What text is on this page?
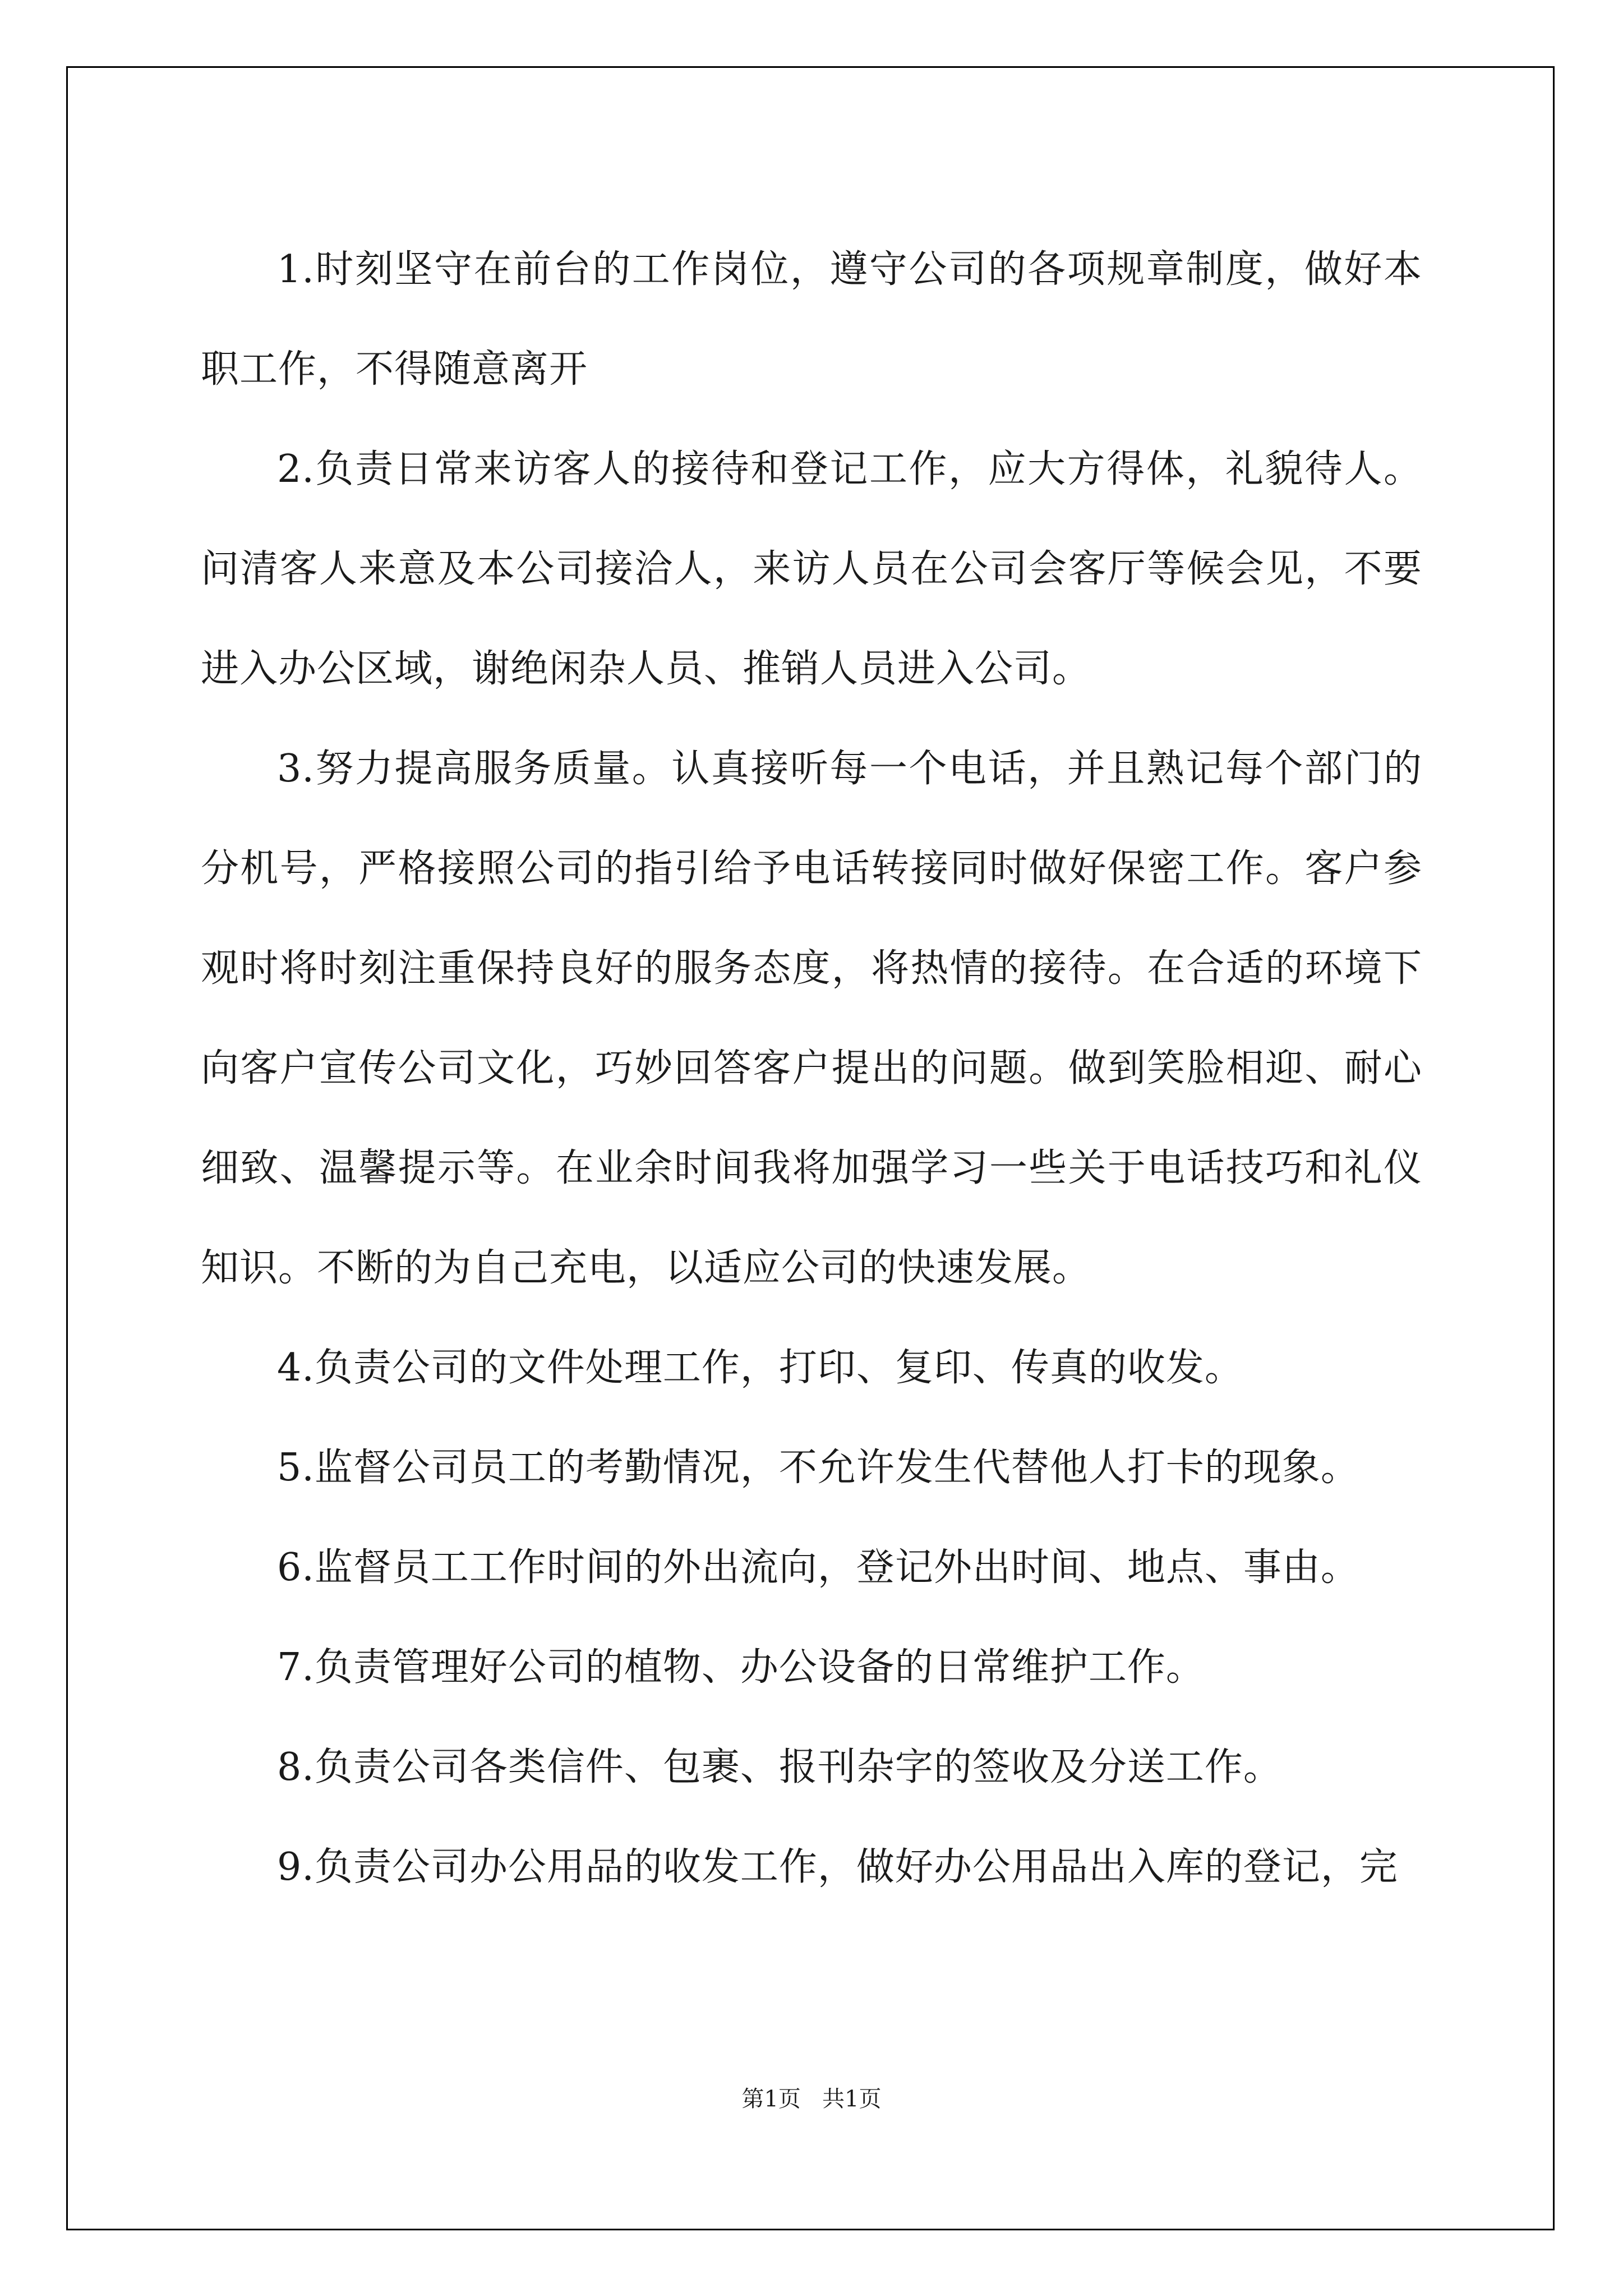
1.时刻坚守在前台的工作岗位，遵守公司的各项规章制度，做好本职工作，不得随意离开

2.负责日常来访客人的接待和登记工作，应大方得体，礼貌待人。问清客人来意及本公司接洽人，来访人员在公司会客厅等候会见，不要进入办公区域，谢绝闲杂人员、推销人员进入公司。

3.努力提高服务质量。认真接听每一个电话，并且熟记每个部门的分机号，严格接照公司的指引给予电话转接同时做好保密工作。客户参观时将时刻注重保持良好的服务态度，将热情的接待。在合适的环境下向客户宣传公司文化，巧妙回答客户提出的问题。做到笑脸相迎、耐心细致、温馨提示等。在业余时间我将加强学习一些关于电话技巧和礼仪知识。不断的为自己充电，以适应公司的快速发展。

4.负责公司的文件处理工作，打印、复印、传真的收发。

5.监督公司员工的考勤情况，不允许发生代替他人打卡的现象。

6.监督员工工作时间的外出流向，登记外出时间、地点、事由。

7.负责管理好公司的植物、办公设备的日常维护工作。

8.负责公司各类信件、包裹、报刊杂字的签收及分送工作。

9.负责公司办公用品的收发工作，做好办公用品出入库的登记，完

第1页   共1页
